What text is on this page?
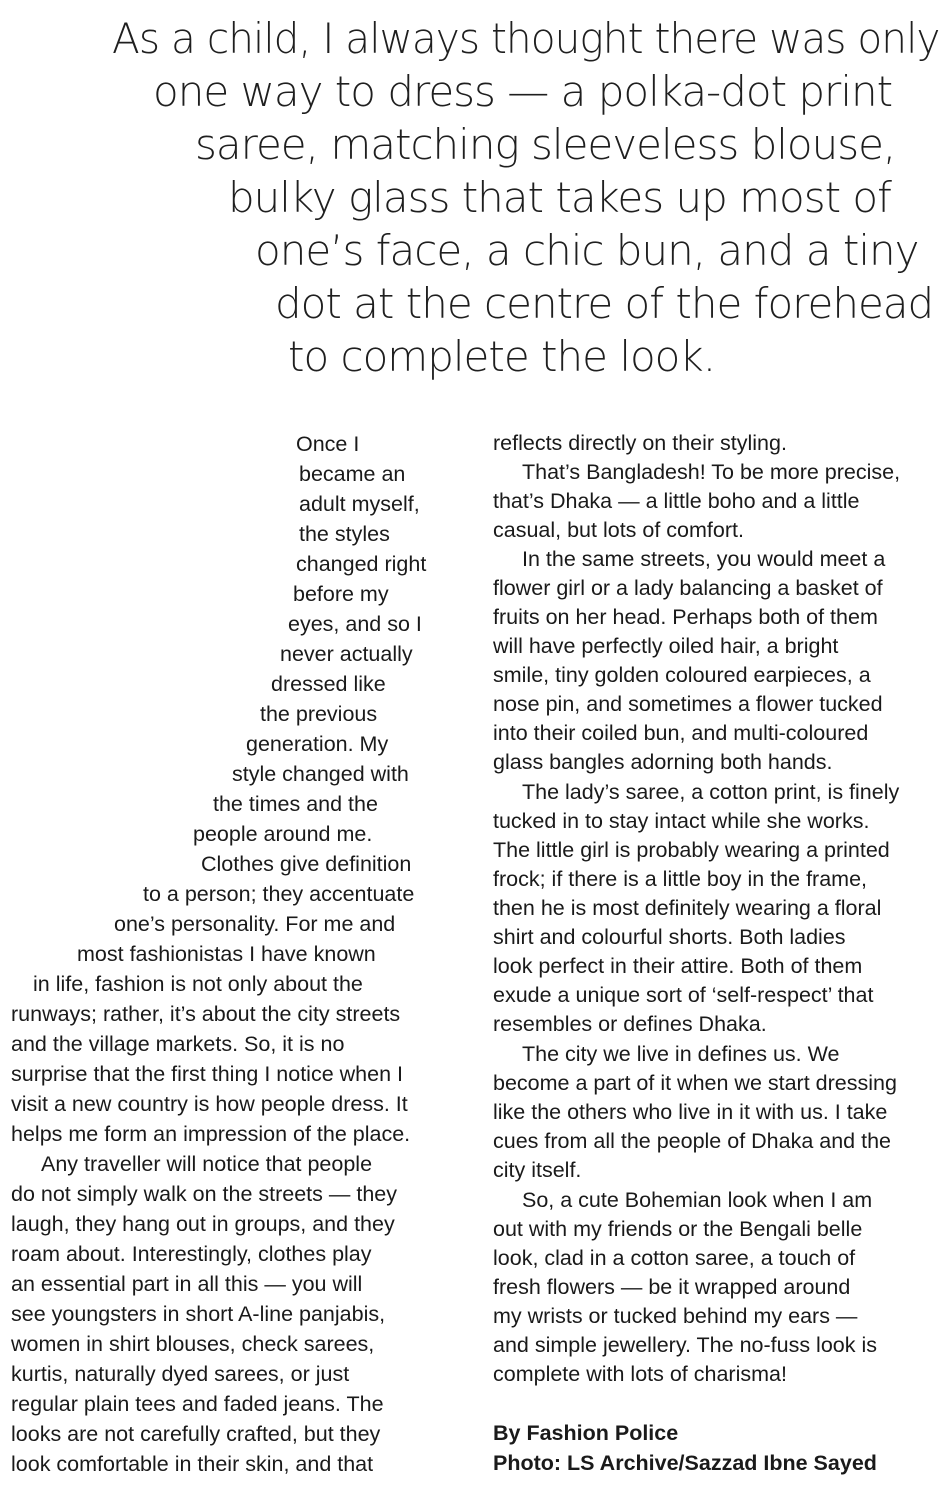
As a child, I always thought there was only
one way to dress — a polka-dot print
saree, matching sleeveless blouse,
bulky glass that takes up most of
one’s face, a chic bun, and a tiny
dot at the centre of the forehead
to complete the look.
Once I
became an
adult myself,
the styles
changed right
before my
eyes, and so I
never actually
dressed like
the previous
generation. My
style changed with
the times and the
people around me.
Clothes give definition
to a person; they accentuate
one’s personality. For me and
most fashionistas I have known
in life, fashion is not only about the
runways; rather, it’s about the city streets
and the village markets. So, it is no
surprise that the first thing I notice when I
visit a new country is how people dress. It
helps me form an impression of the place.
Any traveller will notice that people
do not simply walk on the streets — they
laugh, they hang out in groups, and they
roam about. Interestingly, clothes play
an essential part in all this — you will
see youngsters in short A-line panjabis,
women in shirt blouses, check sarees,
kurtis, naturally dyed sarees, or just
regular plain tees and faded jeans. The
looks are not carefully crafted, but they
look comfortable in their skin, and that
reflects directly on their styling.
That’s Bangladesh! To be more precise,
that’s Dhaka — a little boho and a little
casual, but lots of comfort.
In the same streets, you would meet a
flower girl or a lady balancing a basket of
fruits on her head. Perhaps both of them
will have perfectly oiled hair, a bright
smile, tiny golden coloured earpieces, a
nose pin, and sometimes a flower tucked
into their coiled bun, and multi-coloured
glass bangles adorning both hands.
The lady’s saree, a cotton print, is finely
tucked in to stay intact while she works.
The little girl is probably wearing a printed
frock; if there is a little boy in the frame,
then he is most definitely wearing a floral
shirt and colourful shorts. Both ladies
look perfect in their attire. Both of them
exude a unique sort of ‘self-respect’ that
resembles or defines Dhaka.
The city we live in defines us. We
become a part of it when we start dressing
like the others who live in it with us. I take
cues from all the people of Dhaka and the
city itself.
So, a cute Bohemian look when I am
out with my friends or the Bengali belle
look, clad in a cotton saree, a touch of
fresh flowers — be it wrapped around
my wrists or tucked behind my ears —
and simple jewellery. The no-fuss look is
complete with lots of charisma!
By Fashion Police
Photo: LS Archive/Sazzad Ibne Sayed
